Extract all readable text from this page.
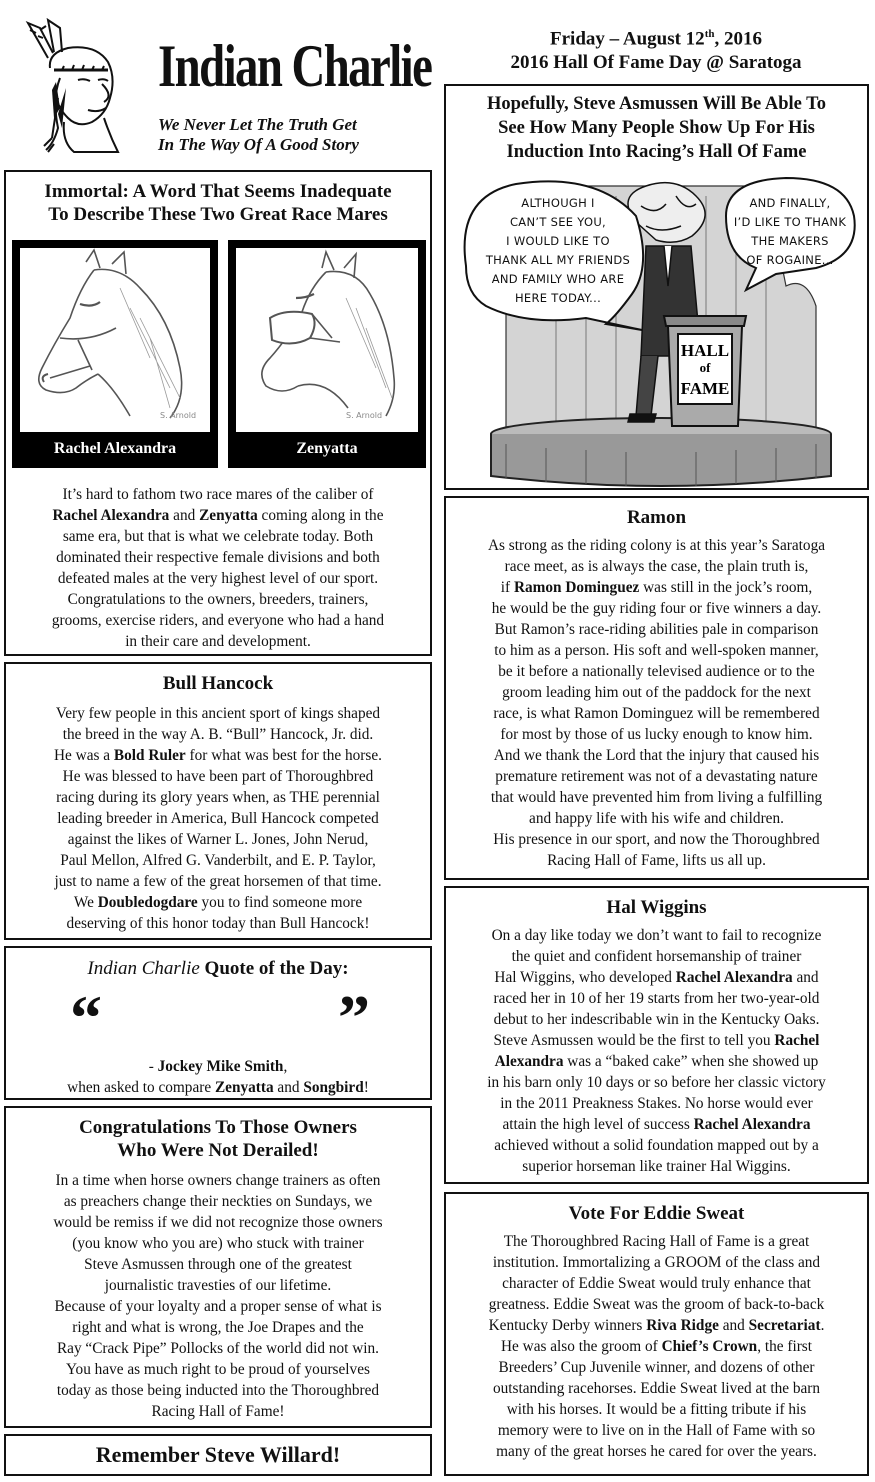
Indian Charlie
We Never Let The Truth Get
In The Way Of A Good Story
Friday – August 12th, 2016
2016 Hall Of Fame Day @ Saratoga
Immortal: A Word That Seems Inadequate
To Describe These Two Great Race Mares
S. Arnold
Rachel Alexandra
S. Arnold
Zenyatta
It’s hard to fathom two race mares of the caliber of
Rachel Alexandra and Zenyatta coming along in the
same era, but that is what we celebrate today. Both
dominated their respective female divisions and both
defeated males at the very highest level of our sport.
Congratulations to the owners, breeders, trainers,
grooms, exercise riders, and everyone who had a hand
in their care and development.
Bull Hancock
Very few people in this ancient sport of kings shaped
the breed in the way A. B. “Bull” Hancock, Jr. did.
He was a Bold Ruler for what was best for the horse.
He was blessed to have been part of Thoroughbred
racing during its glory years when, as THE perennial
leading breeder in America, Bull Hancock competed
against the likes of Warner L. Jones, John Nerud,
Paul Mellon, Alfred G. Vanderbilt, and E. P. Taylor,
just to name a few of the great horsemen of that time.
We Doubledogdare you to find someone more
deserving of this honor today than Bull Hancock!
Indian Charlie Quote of the Day:
“	”
- Jockey Mike Smith,
when asked to compare Zenyatta and Songbird!
Congratulations To Those Owners
Who Were Not Derailed!
In a time when horse owners change trainers as often
as preachers change their neckties on Sundays, we
would be remiss if we did not recognize those owners
(you know who you are) who stuck with trainer
Steve Asmussen through one of the greatest
journalistic travesties of our lifetime.
Because of your loyalty and a proper sense of what is
right and what is wrong, the Joe Drapes and the
Ray “Crack Pipe” Pollocks of the world did not win.
You have as much right to be proud of yourselves
today as those being inducted into the Thoroughbred
Racing Hall of Fame!
Remember Steve Willard!
Hopefully, Steve Asmussen Will Be Able To
See How Many People Show Up For His
Induction Into Racing’s Hall Of Fame
HALL
of
FAME
ALTHOUGH I
CAN’T SEE YOU,
I WOULD LIKE TO
THANK ALL MY FRIENDS
AND FAMILY WHO ARE
HERE TODAY...
AND FINALLY,
I’D LIKE TO THANK
THE MAKERS
OF ROGAINE...
Ramon
As strong as the riding colony is at this year’s Saratoga
race meet, as is always the case, the plain truth is,
if Ramon Dominguez was still in the jock’s room,
he would be the guy riding four or five winners a day.
But Ramon’s race-riding abilities pale in comparison
to him as a person. His soft and well-spoken manner,
be it before a nationally televised audience or to the
groom leading him out of the paddock for the next
race, is what Ramon Dominguez will be remembered
for most by those of us lucky enough to know him.
And we thank the Lord that the injury that caused his
premature retirement was not of a devastating nature
that would have prevented him from living a fulfilling
and happy life with his wife and children.
His presence in our sport, and now the Thoroughbred
Racing Hall of Fame, lifts us all up.
Hal Wiggins
On a day like today we don’t want to fail to recognize
the quiet and confident horsemanship of trainer
Hal Wiggins, who developed Rachel Alexandra and
raced her in 10 of her 19 starts from her two-year-old
debut to her indescribable win in the Kentucky Oaks.
Steve Asmussen would be the first to tell you Rachel
Alexandra was a “baked cake” when she showed up
in his barn only 10 days or so before her classic victory
in the 2011 Preakness Stakes. No horse would ever
attain the high level of success Rachel Alexandra
achieved without a solid foundation mapped out by a
superior horseman like trainer Hal Wiggins.
Vote For Eddie Sweat
The Thoroughbred Racing Hall of Fame is a great
institution. Immortalizing a GROOM of the class and
character of Eddie Sweat would truly enhance that
greatness. Eddie Sweat was the groom of back-to-back
Kentucky Derby winners Riva Ridge and Secretariat.
He was also the groom of Chief’s Crown, the first
Breeders’ Cup Juvenile winner, and dozens of other
outstanding racehorses. Eddie Sweat lived at the barn
with his horses. It would be a fitting tribute if his
memory were to live on in the Hall of Fame with so
many of the great horses he cared for over the years.
